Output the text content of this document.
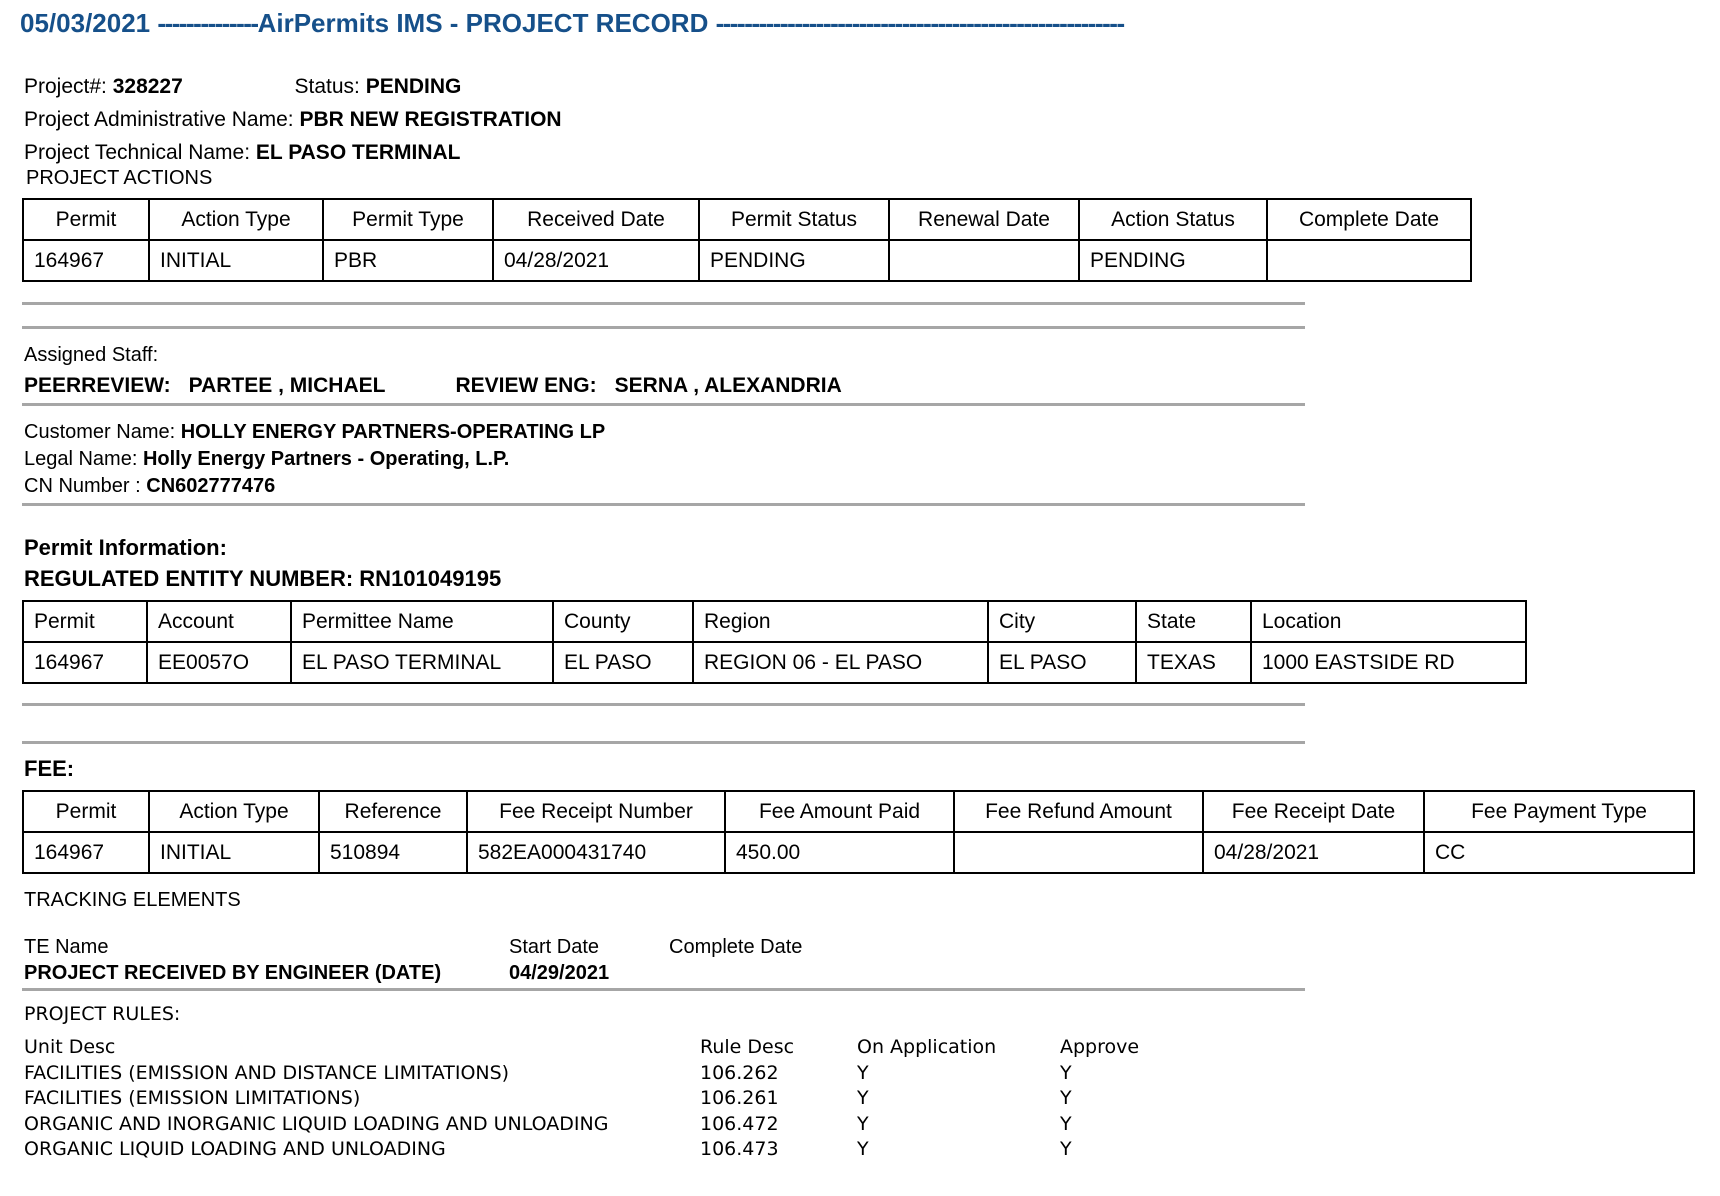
05/03/2021 --------------AirPermits IMS - PROJECT RECORD ---------------------------------------------------------
Project#: 328227	Status: PENDING
Project Administrative Name: PBR NEW REGISTRATION
Project Technical Name: EL PASO TERMINAL
PROJECT ACTIONS
Permit	Action Type	Permit Type	Received Date	Permit Status	Renewal Date	Action Status	Complete Date
164967	INITIAL	PBR	04/28/2021	PENDING		PENDING	
Assigned Staff:
PEERREVIEW: PARTEE , MICHAEL	REVIEW ENG: SERNA , ALEXANDRIA
Customer Name: HOLLY ENERGY PARTNERS-OPERATING LP
Legal Name: Holly Energy Partners - Operating, L.P.
CN Number : CN602777476
Permit Information:
REGULATED ENTITY NUMBER: RN101049195
Permit	Account	Permittee Name	County	Region	City	State	Location
164967	EE0057O	EL PASO TERMINAL	EL PASO	REGION 06 - EL PASO	EL PASO	TEXAS	1000 EASTSIDE RD
FEE:
Permit	Action Type	Reference	Fee Receipt Number	Fee Amount Paid	Fee Refund Amount	Fee Receipt Date	Fee Payment Type
164967	INITIAL	510894	582EA000431740	450.00		04/28/2021	CC
TRACKING ELEMENTS
TE Name	Start Date	Complete Date
PROJECT RECEIVED BY ENGINEER (DATE)	04/29/2021
PROJECT RULES:
Unit Desc	Rule Desc	On Application	Approve
FACILITIES (EMISSION AND DISTANCE LIMITATIONS)	106.262	Y	Y
FACILITIES (EMISSION LIMITATIONS)	106.261	Y	Y
ORGANIC AND INORGANIC LIQUID LOADING AND UNLOADING	106.472	Y	Y
ORGANIC LIQUID LOADING AND UNLOADING	106.473	Y	Y
